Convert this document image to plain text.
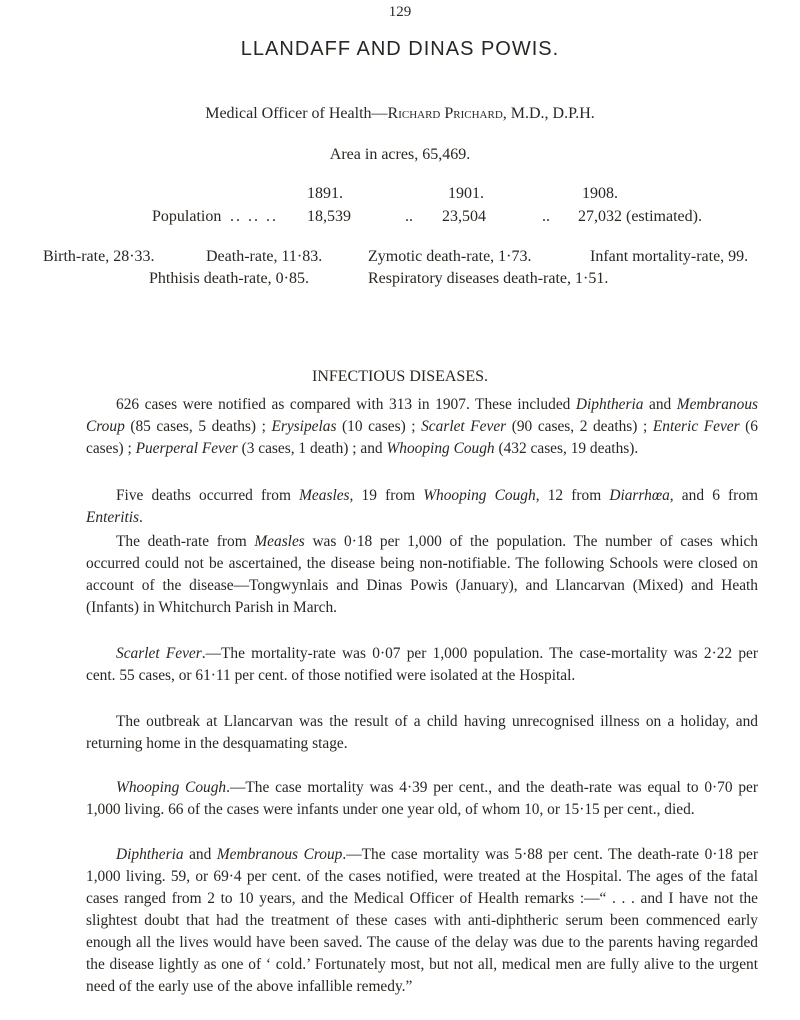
129
LLANDAFF AND DINAS POWIS.
Medical Officer of Health—Richard Prichard, M.D., D.P.H.
Area in acres, 65,469.
1891.	1901.	1908.
Population .. .. .. 18,539	.. 23,504	.. 27,032 (estimated).
Birth-rate, 28·33.	Death-rate, 11·83.	Zymotic death-rate, 1·73.	Infant mortality-rate, 99.
Phthisis death-rate, 0·85.	Respiratory diseases death-rate, 1·51.
INFECTIOUS DISEASES.

626 cases were notified as compared with 313 in 1907. These included Diphtheria and Membranous Croup (85 cases, 5 deaths) ; Erysipelas (10 cases) ; Scarlet Fever (90 cases, 2 deaths) ; Enteric Fever (6 cases) ; Puerperal Fever (3 cases, 1 death) ; and Whooping Cough (432 cases, 19 deaths).

Five deaths occurred from Measles, 19 from Whooping Cough, 12 from Diarrhœa, and 6 from Enteritis.

The death-rate from Measles was 0·18 per 1,000 of the population. The number of cases which occurred could not be ascertained, the disease being non-notifiable. The following Schools were closed on account of the disease—Tongwynlais and Dinas Powis (January), and Llancarvan (Mixed) and Heath (Infants) in Whitchurch Parish in March.

Scarlet Fever.—The mortality-rate was 0·07 per 1,000 population. The case-mortality was 2·22 per cent. 55 cases, or 61·11 per cent. of those notified were isolated at the Hospital.

The outbreak at Llancarvan was the result of a child having unrecognised illness on a holiday, and returning home in the desquamating stage.

Whooping Cough.—The case mortality was 4·39 per cent., and the death-rate was equal to 0·70 per 1,000 living. 66 of the cases were infants under one year old, of whom 10, or 15·15 per cent., died.

Diphtheria and Membranous Croup.—The case mortality was 5·88 per cent. The death-rate 0·18 per 1,000 living. 59, or 69·4 per cent. of the cases notified, were treated at the Hospital. The ages of the fatal cases ranged from 2 to 10 years, and the Medical Officer of Health remarks :—“ . . . and I have not the slightest doubt that had the treatment of these cases with anti-diphtheric serum been commenced early enough all the lives would have been saved. The cause of the delay was due to the parents having regarded the disease lightly as one of ‘ cold.’ Fortunately most, but not all, medical men are fully alive to the urgent need of the early use of the above infallible remedy.”
